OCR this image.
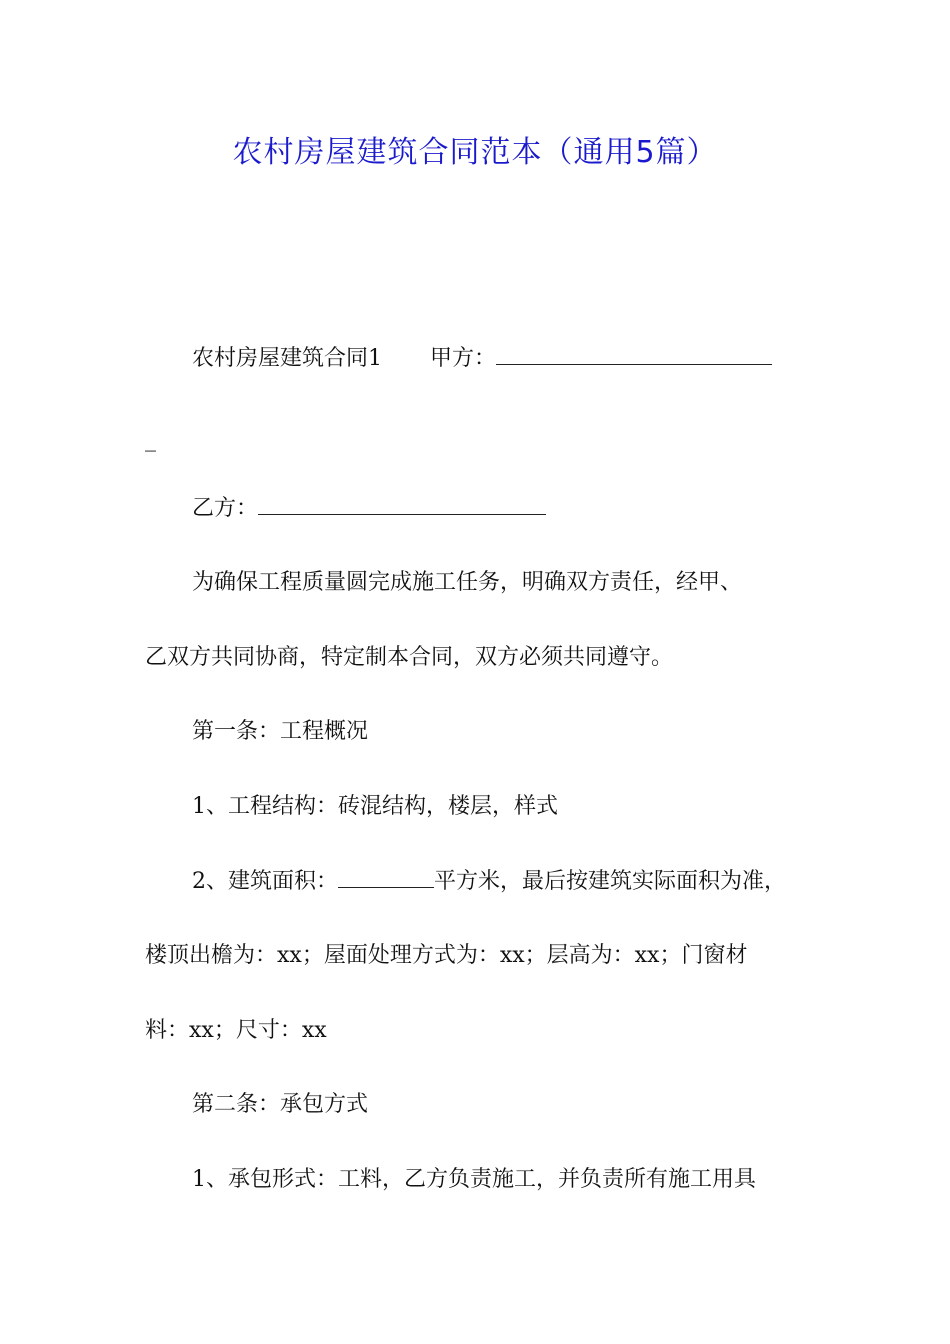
农村房屋建筑合同范本（通用5篇）
农村房屋建筑合同1 甲方：
_
乙方：
为确保工程质量圆完成施工任务，明确双方责任，经甲、
乙双方共同协商，特定制本合同，双方必须共同遵守。
第一条：工程概况
1、工程结构：砖混结构，楼层，样式
2、建筑面积：	平方米，最后按建筑实际面积为准，
楼顶出檐为：xx；屋面处理方式为：xx；层高为：xx；门窗材
料：xx；尺寸：xx
第二条：承包方式
1、承包形式：工料，乙方负责施工，并负责所有施工用具
